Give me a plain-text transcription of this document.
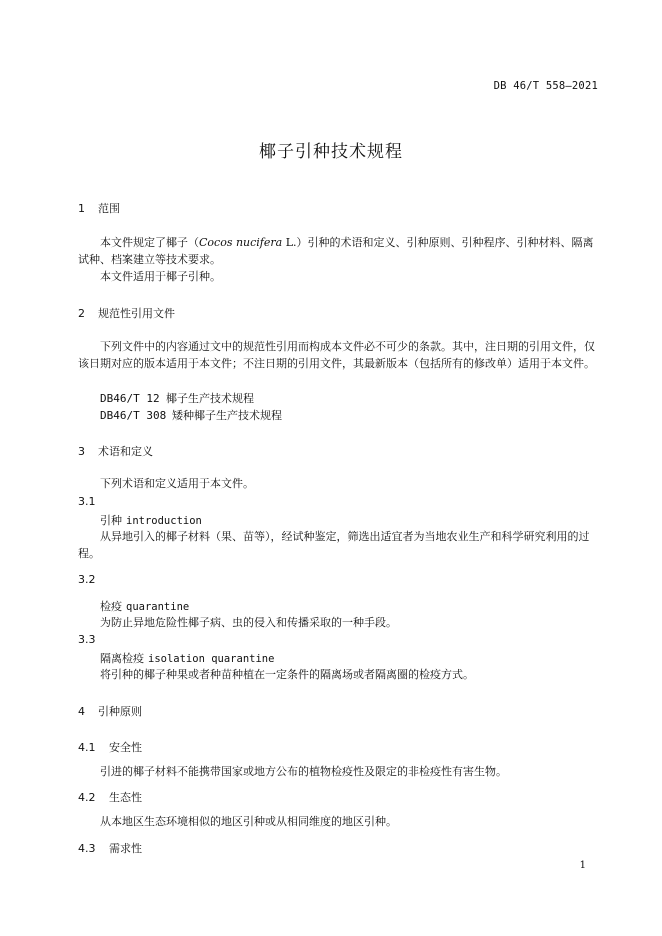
DB 46/T 558—2021
椰子引种技术规程
1 范围
本文件规定了椰子（Cocos nucifera L.）引种的术语和定义、引种原则、引种程序、引种材料、隔离试种、档案建立等技术要求。
本文件适用于椰子引种。
2 规范性引用文件
下列文件中的内容通过文中的规范性引用而构成本文件必不可少的条款。其中，注日期的引用文件，仅该日期对应的版本适用于本文件；不注日期的引用文件，其最新版本（包括所有的修改单）适用于本文件。
DB46/T 12 椰子生产技术规程
DB46/T 308 矮种椰子生产技术规程
3 术语和定义
下列术语和定义适用于本文件。
3.1
引种 introduction
从异地引入的椰子材料（果、苗等），经试种鉴定，筛选出适宜者为当地农业生产和科学研究利用的过程。
3.2
检疫 quarantine
为防止异地危险性椰子病、虫的侵入和传播采取的一种手段。
3.3
隔离检疫 isolation quarantine
将引种的椰子种果或者种苗种植在一定条件的隔离场或者隔离圈的检疫方式。
4 引种原则
4.1 安全性
引进的椰子材料不能携带国家或地方公布的植物检疫性及限定的非检疫性有害生物。
4.2 生态性
从本地区生态环境相似的地区引种或从相同维度的地区引种。
4.3 需求性
1
